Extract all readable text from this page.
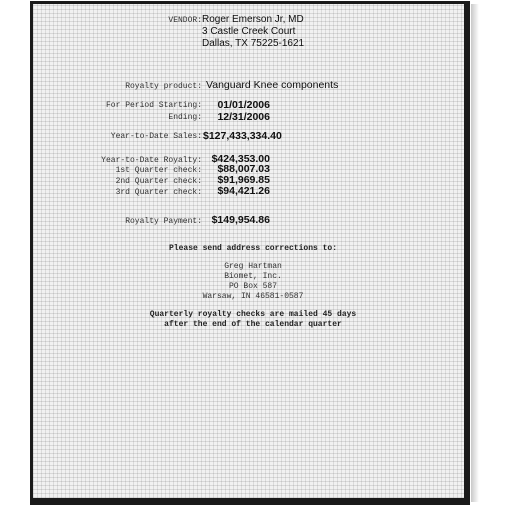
VENDOR: Roger Emerson Jr, MD
3 Castle Creek Court
Dallas, TX 75225-1621
Royalty product: Vanguard Knee components
For Period Starting:	01/01/2006
Ending:	12/31/2006
Year-to-Date Sales: $127,433,334.40
Year-to-Date Royalty: $424,353.00
1st Quarter check:	$88,007.03
2nd Quarter check:	$91,969.85
3rd Quarter check:	$94,421.26
Royalty Payment: $149,954.86
Please send address corrections to:
Greg Hartman
Biomet, Inc.
PO Box 587
Warsaw, IN 46581-0587
Quarterly royalty checks are mailed 45 days
after the end of the calendar quarter
